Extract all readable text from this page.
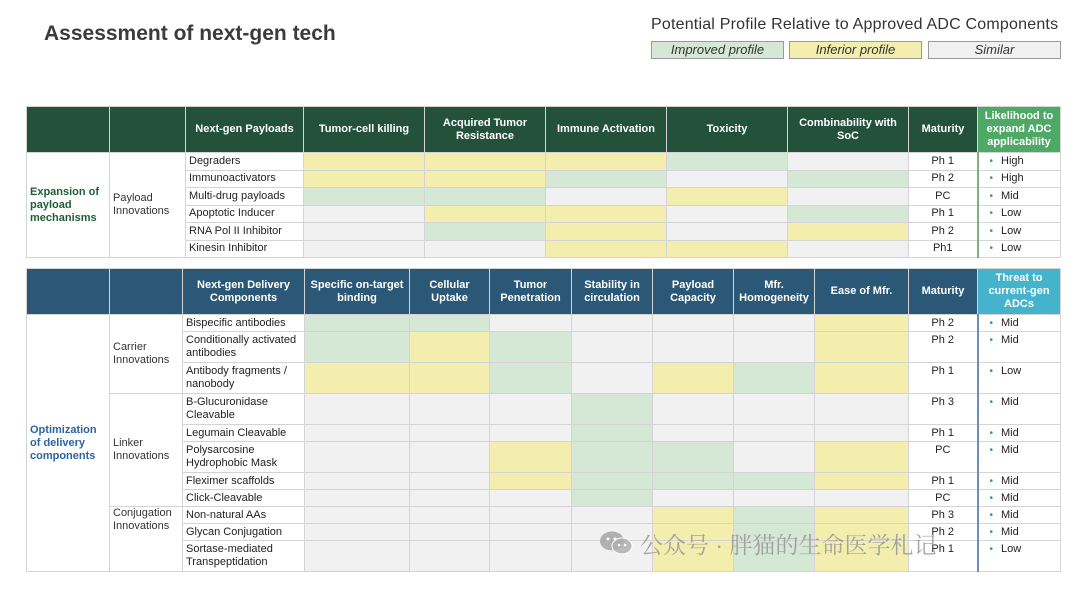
Assessment of next-gen tech	Potential Profile Relative to Approved ADC Components
Improved profile	Inferior profile	Similar
		Next-gen Payloads	Tumor-cell killing	Acquired Tumor Resistance	Immune Activation	Toxicity	Combinability with SoC	Maturity	Likelihood to expand ADC applicability
Expansion of payload mechanisms	Payload Innovations	Degraders						Ph 1	• High
		Immunoactivators						Ph 2	• High
		Multi-drug payloads						PC	• Mid
		Apoptotic Inducer						Ph 1	• Low
		RNA Pol II Inhibitor						Ph 2	• Low
		Kinesin Inhibitor						Ph1	• Low
		Next-gen Delivery Components	Specific on-target binding	Cellular Uptake	Tumor Penetration	Stability in circulation	Payload Capacity	Mfr. Homogeneity	Ease of Mfr.	Maturity	Threat to current-gen ADCs
Optimization of delivery components	Carrier Innovations	Bispecific antibodies								Ph 2	• Mid
		Conditionally activated antibodies								Ph 2	• Mid
		Antibody fragments / nanobody								Ph 1	• Low
	Linker Innovations	B-Glucuronidase Cleavable								Ph 3	• Mid
		Legumain Cleavable								Ph 1	• Mid
		Polysarcosine Hydrophobic Mask								PC	• Mid
		Fleximer scaffolds								Ph 1	• Mid
		Click-Cleavable								PC	• Mid
	Conjugation Innovations	Non-natural AAs								Ph 3	• Mid
		Glycan Conjugation								Ph 2	• Mid
		Sortase-mediated Transpeptidation								Ph 1	• Low
公众号 · 胖猫的生命医学札记
